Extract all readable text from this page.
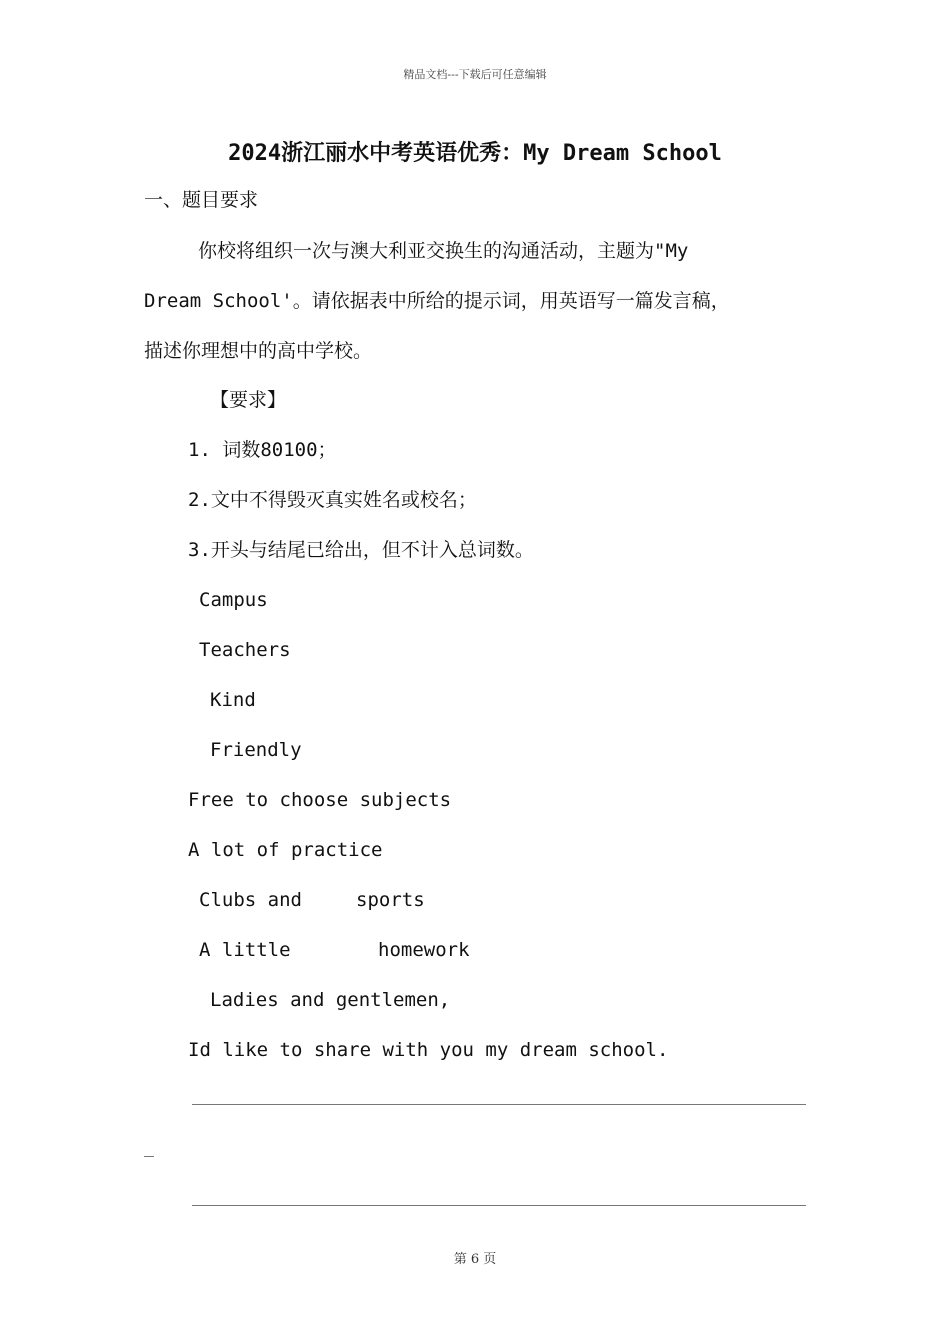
精品文档---下载后可任意编辑
2024浙江丽水中考英语优秀：My Dream School
一、题目要求
你校将组织一次与澳大利亚交换生的沟通活动，主题为"My
Dream School'。请依据表中所给的提示词，用英语写一篇发言稿，
描述你理想中的高中学校。
【要求】
1. 词数80100；
2.文中不得毁灭真实姓名或校名；
3.开头与结尾已给出，但不计入总词数。
Campus
Teachers
Kind
Friendly
Free to choose subjects
A lot of practice
Clubs and	sports
A little	homework
Ladies and gentlemen,
Id like to share with you my dream school.
第 6 页
